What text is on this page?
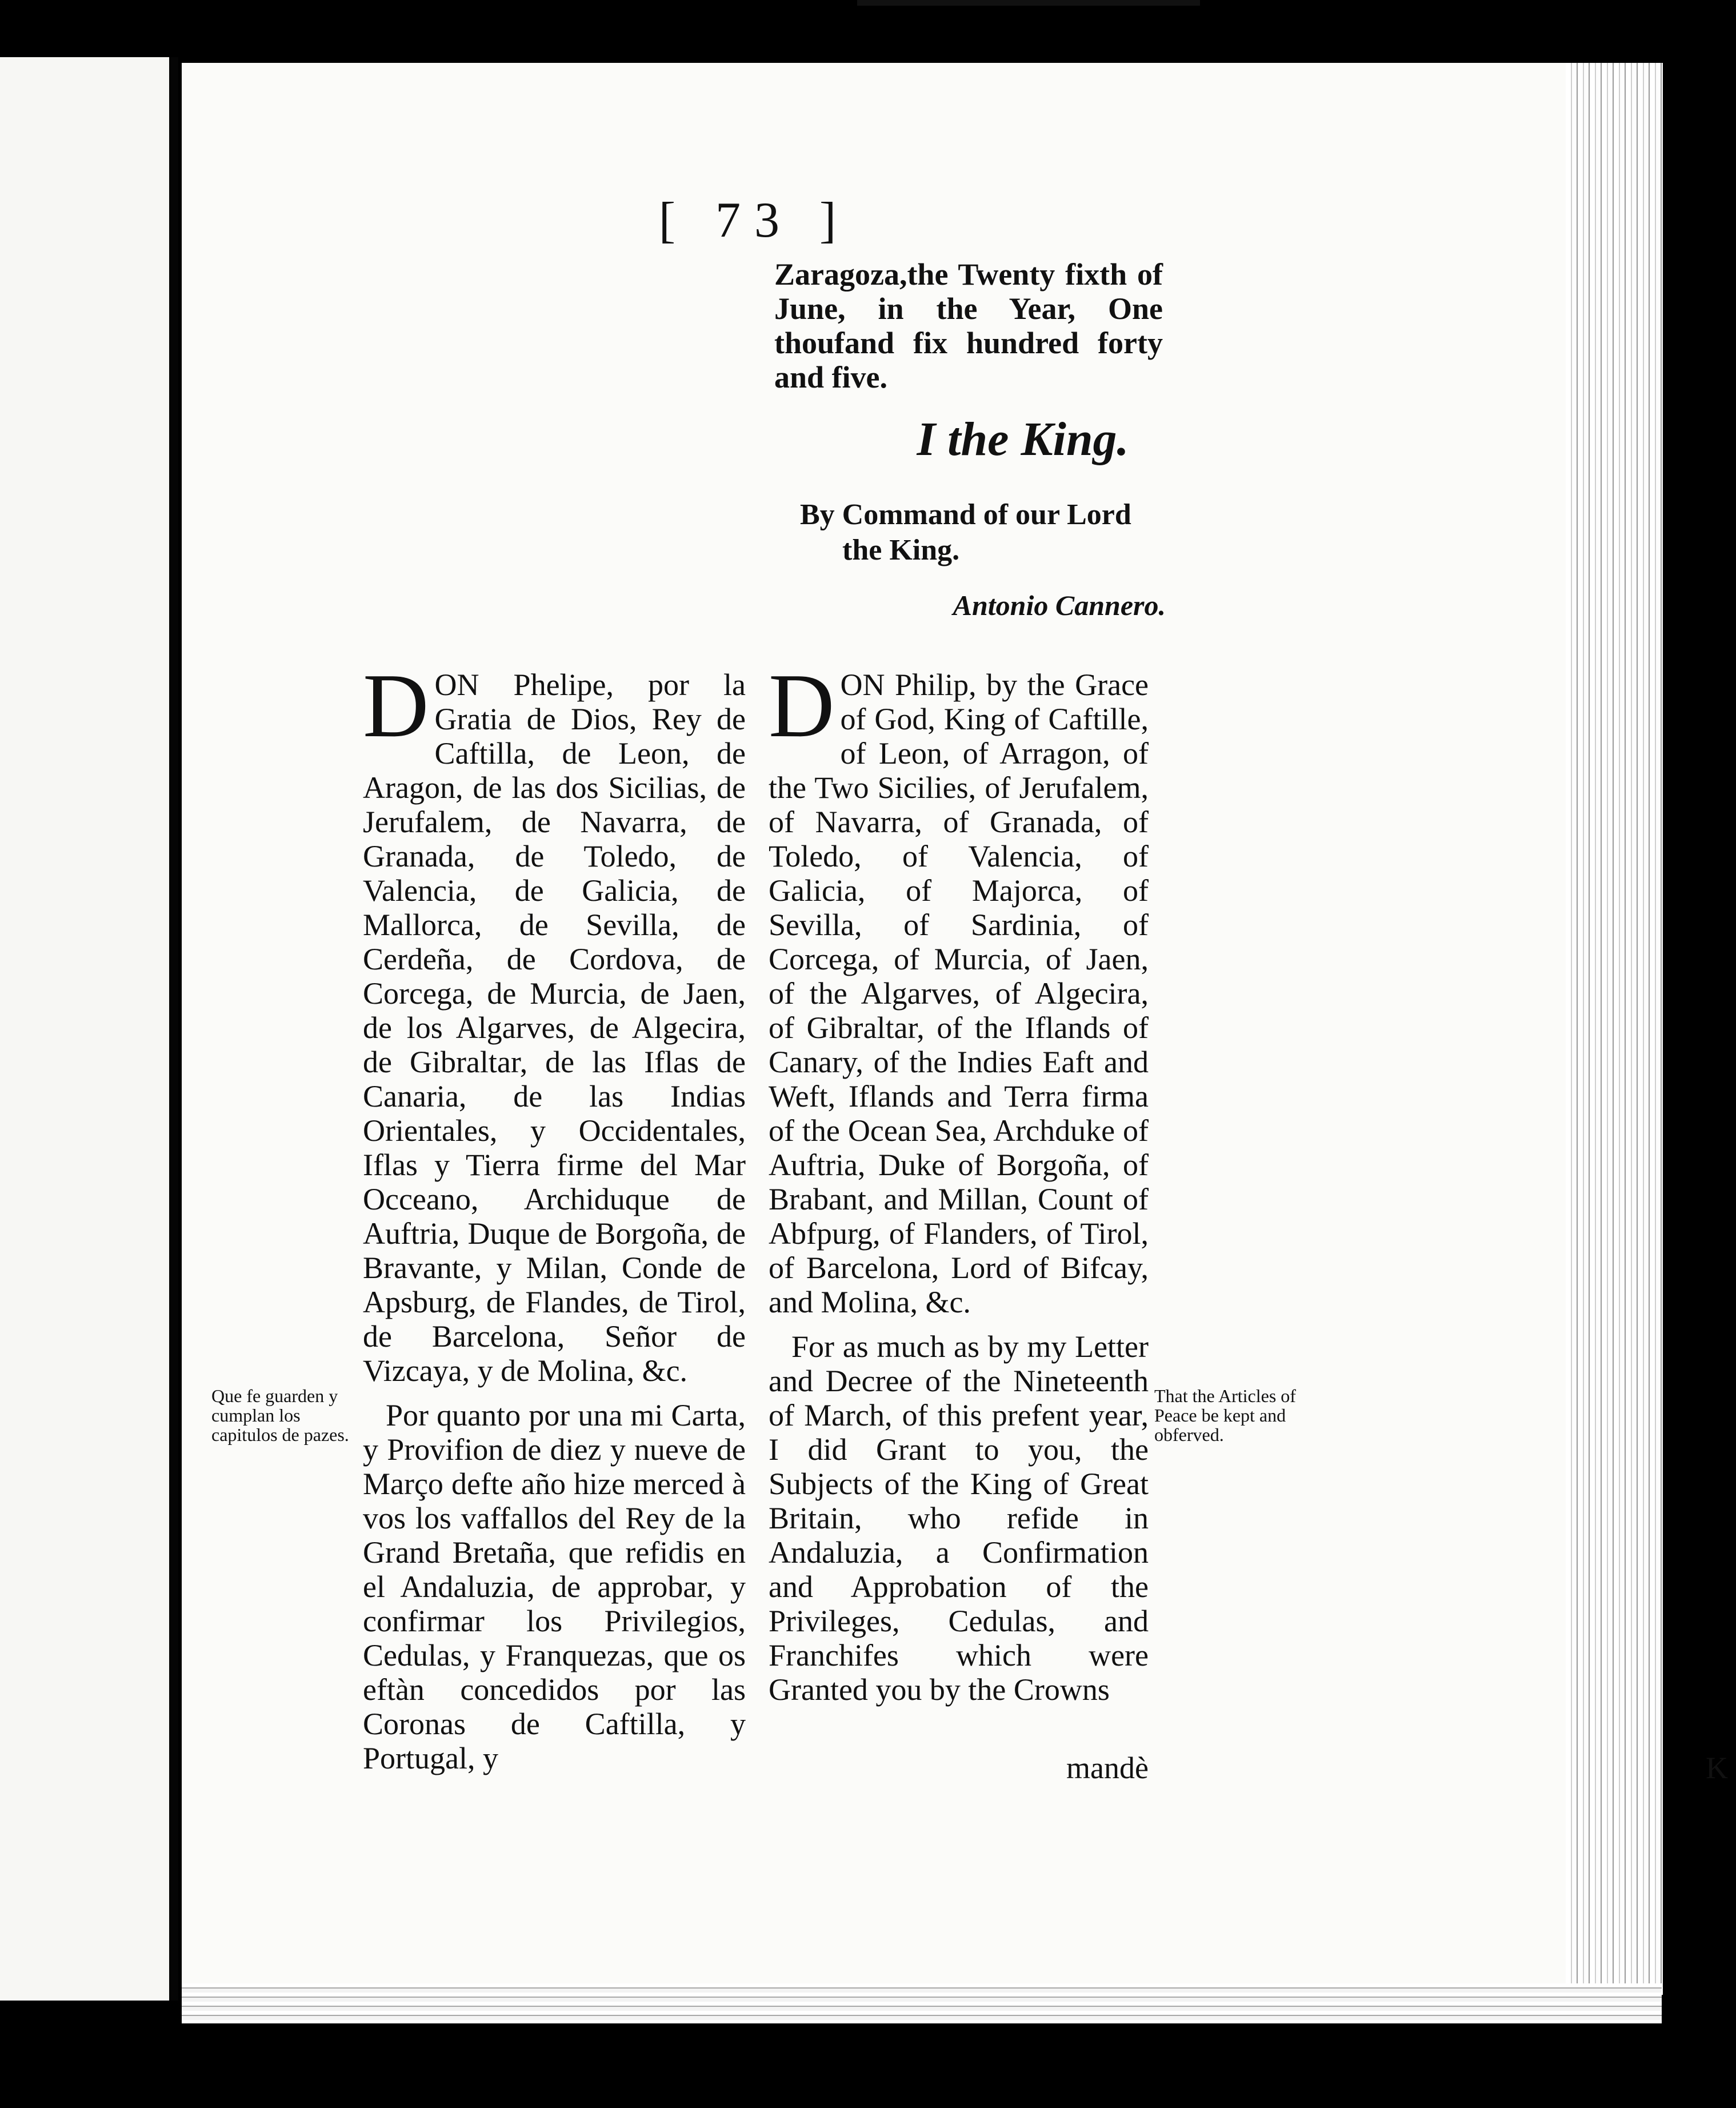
[ 73 ]

Zaragoza,the Twenty fixth of June, in the Year, One thoufand fix hundred forty and five.

I the King.
By Command of our Lord
the King.
Antonio Cannero.

DON Phelipe, por la Gratia de Dios, Rey de Caftilla, de Leon, de Aragon, de las dos Sicilias, de Jerufalem, de Navarra, de Granada, de Toledo, de Valencia, de Galicia, de Mallorca, de Sevilla, de Cerdeña, de Cordova, de Corcega, de Murcia, de Jaen, de los Algarves, de Algecira, de Gibraltar, de las Iflas de Canaria, de las Indias Orientales, y Occidentales, Iflas y Tierra firme del Mar Occeano, Archiduque de Auftria, Duque de Borgoña, de Bravante, y Milan, Conde de Apsburg, de Flandes, de Tirol, de Barcelona, Señor de Vizcaya, y de Molina, &c.

Por quanto por una mi Carta, y Provifion de diez y nueve de Março defte año hize merced à vos los vaffallos del Rey de la Grand Bretaña, que refidis en el Andaluzia, de approbar, y confirmar los Privilegios, Cedulas, y Franquezas, que os eftàn concedidos por las Coronas de Caftilla, y Portugal, y

DON Philip, by the Grace of God, King of Caftille, of Leon, of Arragon, of the Two Sicilies, of Jerufalem, of Navarra, of Granada, of Toledo, of Valencia, of Galicia, of Majorca, of Sevilla, of Sardinia, of Corcega, of Murcia, of Jaen, of the Algarves, of Algecira, of Gibraltar, of the Iflands of Canary, of the Indies Eaft and Weft, Iflands and Terra firma of the Ocean Sea, Archduke of Auftria, Duke of Borgoña, of Brabant, and Millan, Count of Abfpurg, of Flanders, of Tirol, of Barcelona, Lord of Bifcay, and Molina, &c.

For as much as by my Letter and Decree of the Nineteenth of March, of this prefent year, I did Grant to you, the Subjects of the King of Great Britain, who refide in Andaluzia, a Confirmation and Approbation of the Privileges, Cedulas, and Franchifes which were Granted you by the Crowns

Que fe guarden y cumplan los capitulos de pazes.
That the Articles of Peace be kept and obferved.
K
mandè
